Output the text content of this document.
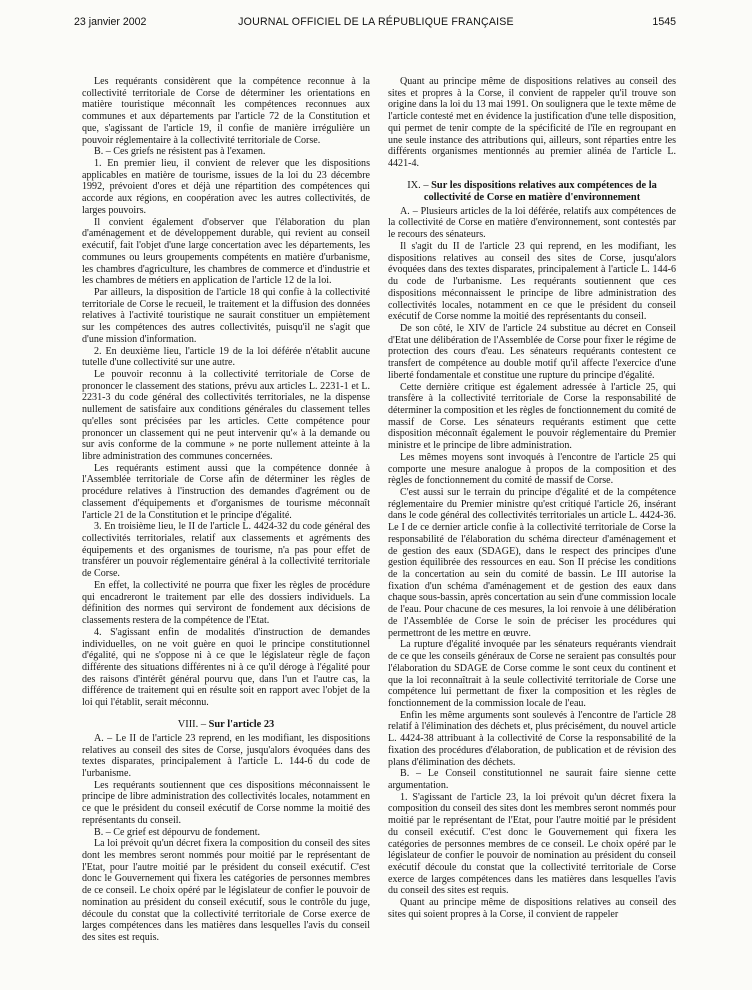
23 janvier 2002	JOURNAL OFFICIEL DE LA RÉPUBLIQUE FRANÇAISE	1545

Les requérants considèrent que la compétence reconnue à la collectivité territoriale de Corse de déterminer les orientations en matière touristique méconnaît les compétences reconnues aux communes et aux départements par l'article 72 de la Constitution et que, s'agissant de l'article 19, il confie de manière irrégulière un pouvoir réglementaire à la collectivité territoriale de Corse.

B. – Ces griefs ne résistent pas à l'examen.

1. En premier lieu, il convient de relever que les dispositions applicables en matière de tourisme, issues de la loi du 23 décembre 1992, prévoient d'ores et déjà une répartition des compétences qui accorde aux régions, en coopération avec les autres collectivités, de larges pouvoirs.

Il convient également d'observer que l'élaboration du plan d'aménagement et de développement durable, qui revient au conseil exécutif, fait l'objet d'une large concertation avec les départements, les communes ou leurs groupements compétents en matière d'urbanisme, les chambres d'agriculture, les chambres de commerce et d'industrie et les chambres de métiers en application de l'article 12 de la loi.

Par ailleurs, la disposition de l'article 18 qui confie à la collectivité territoriale de Corse le recueil, le traitement et la diffusion des données relatives à l'activité touristique ne saurait constituer un empiètement sur les compétences des autres collectivités, puisqu'il ne s'agit que d'une mission d'information.

2. En deuxième lieu, l'article 19 de la loi déférée n'établit aucune tutelle d'une collectivité sur une autre.

Le pouvoir reconnu à la collectivité territoriale de Corse de prononcer le classement des stations, prévu aux articles L. 2231-1 et L. 2231-3 du code général des collectivités territoriales, ne la dispense nullement de satisfaire aux conditions générales du classement telles qu'elles sont précisées par les articles. Cette compétence pour prononcer un classement qui ne peut intervenir qu'« à la demande ou sur avis conforme de la commune » ne porte nullement atteinte à la libre administration des communes concernées.

Les requérants estiment aussi que la compétence donnée à l'Assemblée territoriale de Corse afin de déterminer les règles de procédure relatives à l'instruction des demandes d'agrément ou de classement d'équipements et d'organismes de tourisme méconnaît l'article 21 de la Constitution et le principe d'égalité.

3. En troisième lieu, le II de l'article L. 4424-32 du code général des collectivités territoriales, relatif aux classements et agréments des équipements et des organismes de tourisme, n'a pas pour effet de transférer un pouvoir réglementaire général à la collectivité territoriale de Corse.

En effet, la collectivité ne pourra que fixer les règles de procédure qui encadreront le traitement par elle des dossiers individuels. La définition des normes qui serviront de fondement aux décisions de classements restera de la compétence de l'Etat.

4. S'agissant enfin de modalités d'instruction de demandes individuelles, on ne voit guère en quoi le principe constitutionnel d'égalité, qui ne s'oppose ni à ce que le législateur règle de façon différente des situations différentes ni à ce qu'il déroge à l'égalité pour des raisons d'intérêt général pourvu que, dans l'un et l'autre cas, la différence de traitement qui en résulte soit en rapport avec l'objet de la loi qui l'établit, serait méconnu.

VIII. – Sur l'article 23

A. – Le II de l'article 23 reprend, en les modifiant, les dispositions relatives au conseil des sites de Corse, jusqu'alors évoquées dans des textes disparates, principalement à l'article L. 144-6 du code de l'urbanisme.

Les requérants soutiennent que ces dispositions méconnaissent le principe de libre administration des collectivités locales, notamment en ce que le président du conseil exécutif de Corse nomme la moitié des représentants du conseil.

B. – Ce grief est dépourvu de fondement.

La loi prévoit qu'un décret fixera la composition du conseil des sites dont les membres seront nommés pour moitié par le représentant de l'Etat, pour l'autre moitié par le président du conseil exécutif. C'est donc le Gouvernement qui fixera les catégories de personnes membres de ce conseil. Le choix opéré par le législateur de confier le pouvoir de nomination au président du conseil exécutif, sous le contrôle du juge, découle du constat que la collectivité territoriale de Corse exerce de larges compétences dans les matières dans lesquelles l'avis du conseil des sites est requis.

Quant au principe même de dispositions relatives au conseil des sites et propres à la Corse, il convient de rappeler qu'il trouve son origine dans la loi du 13 mai 1991. On soulignera que le texte même de l'article contesté met en évidence la justification d'une telle disposition, qui permet de tenir compte de la spécificité de l'île en regroupant en une seule instance des attributions qui, ailleurs, sont réparties entre les différents organismes mentionnés au premier alinéa de l'article L. 4421-4.

IX. – Sur les dispositions relatives aux compétences de la collectivité de Corse en matière d'environnement

A. – Plusieurs articles de la loi déférée, relatifs aux compétences de la collectivité de Corse en matière d'environnement, sont contestés par le recours des sénateurs.

Il s'agit du II de l'article 23 qui reprend, en les modifiant, les dispositions relatives au conseil des sites de Corse, jusqu'alors évoquées dans des textes disparates, principalement à l'article L. 144-6 du code de l'urbanisme. Les requérants soutiennent que ces dispositions méconnaissent le principe de libre administration des collectivités locales, notamment en ce que le président du conseil exécutif de Corse nomme la moitié des représentants du conseil.

De son côté, le XIV de l'article 24 substitue au décret en Conseil d'Etat une délibération de l'Assemblée de Corse pour fixer le régime de protection des cours d'eau. Les sénateurs requérants contestent ce transfert de compétence au double motif qu'il affecte l'exercice d'une liberté fondamentale et constitue une rupture du principe d'égalité.

Cette dernière critique est également adressée à l'article 25, qui transfère à la collectivité territoriale de Corse la responsabilité de déterminer la composition et les règles de fonctionnement du comité de massif de Corse. Les sénateurs requérants estiment que cette disposition méconnaît également le pouvoir réglementaire du Premier ministre et le principe de libre administration.

Les mêmes moyens sont invoqués à l'encontre de l'article 25 qui comporte une mesure analogue à propos de la composition et des règles de fonctionnement du comité de massif de Corse.

C'est aussi sur le terrain du principe d'égalité et de la compétence réglementaire du Premier ministre qu'est critiqué l'article 26, insérant dans le code général des collectivités territoriales un article L. 4424-36. Le I de ce dernier article confie à la collectivité territoriale de Corse la responsabilité de l'élaboration du schéma directeur d'aménagement et de gestion des eaux (SDAGE), dans le respect des principes d'une gestion équilibrée des ressources en eau. Son II précise les conditions de la concertation au sein du comité de bassin. Le III autorise la fixation d'un schéma d'aménagement et de gestion des eaux dans chaque sous-bassin, après concertation au sein d'une commission locale de l'eau. Pour chacune de ces mesures, la loi renvoie à une délibération de l'Assemblée de Corse le soin de préciser les procédures qui permettront de les mettre en œuvre.

La rupture d'égalité invoquée par les sénateurs requérants viendrait de ce que les conseils généraux de Corse ne seraient pas consultés pour l'élaboration du SDAGE de Corse comme le sont ceux du continent et que la loi reconnaîtrait à la seule collectivité territoriale de Corse une compétence lui permettant de fixer la composition et les règles de fonctionnement de la commission locale de l'eau.

Enfin les même arguments sont soulevés à l'encontre de l'article 28 relatif à l'élimination des déchets et, plus précisément, du nouvel article L. 4424-38 attribuant à la collectivité de Corse la responsabilité de la fixation des procédures d'élaboration, de publication et de révision des plans d'élimination des déchets.

B. – Le Conseil constitutionnel ne saurait faire sienne cette argumentation.

1. S'agissant de l'article 23, la loi prévoit qu'un décret fixera la composition du conseil des sites dont les membres seront nommés pour moitié par le représentant de l'Etat, pour l'autre moitié par le président du conseil exécutif. C'est donc le Gouvernement qui fixera les catégories de personnes membres de ce conseil. Le choix opéré par le législateur de confier le pouvoir de nomination au président du conseil exécutif découle du constat que la collectivité territoriale de Corse exerce de larges compétences dans les matières dans lesquelles l'avis du conseil des sites est requis.

Quant au principe même de dispositions relatives au conseil des sites qui soient propres à la Corse, il convient de rappeler
